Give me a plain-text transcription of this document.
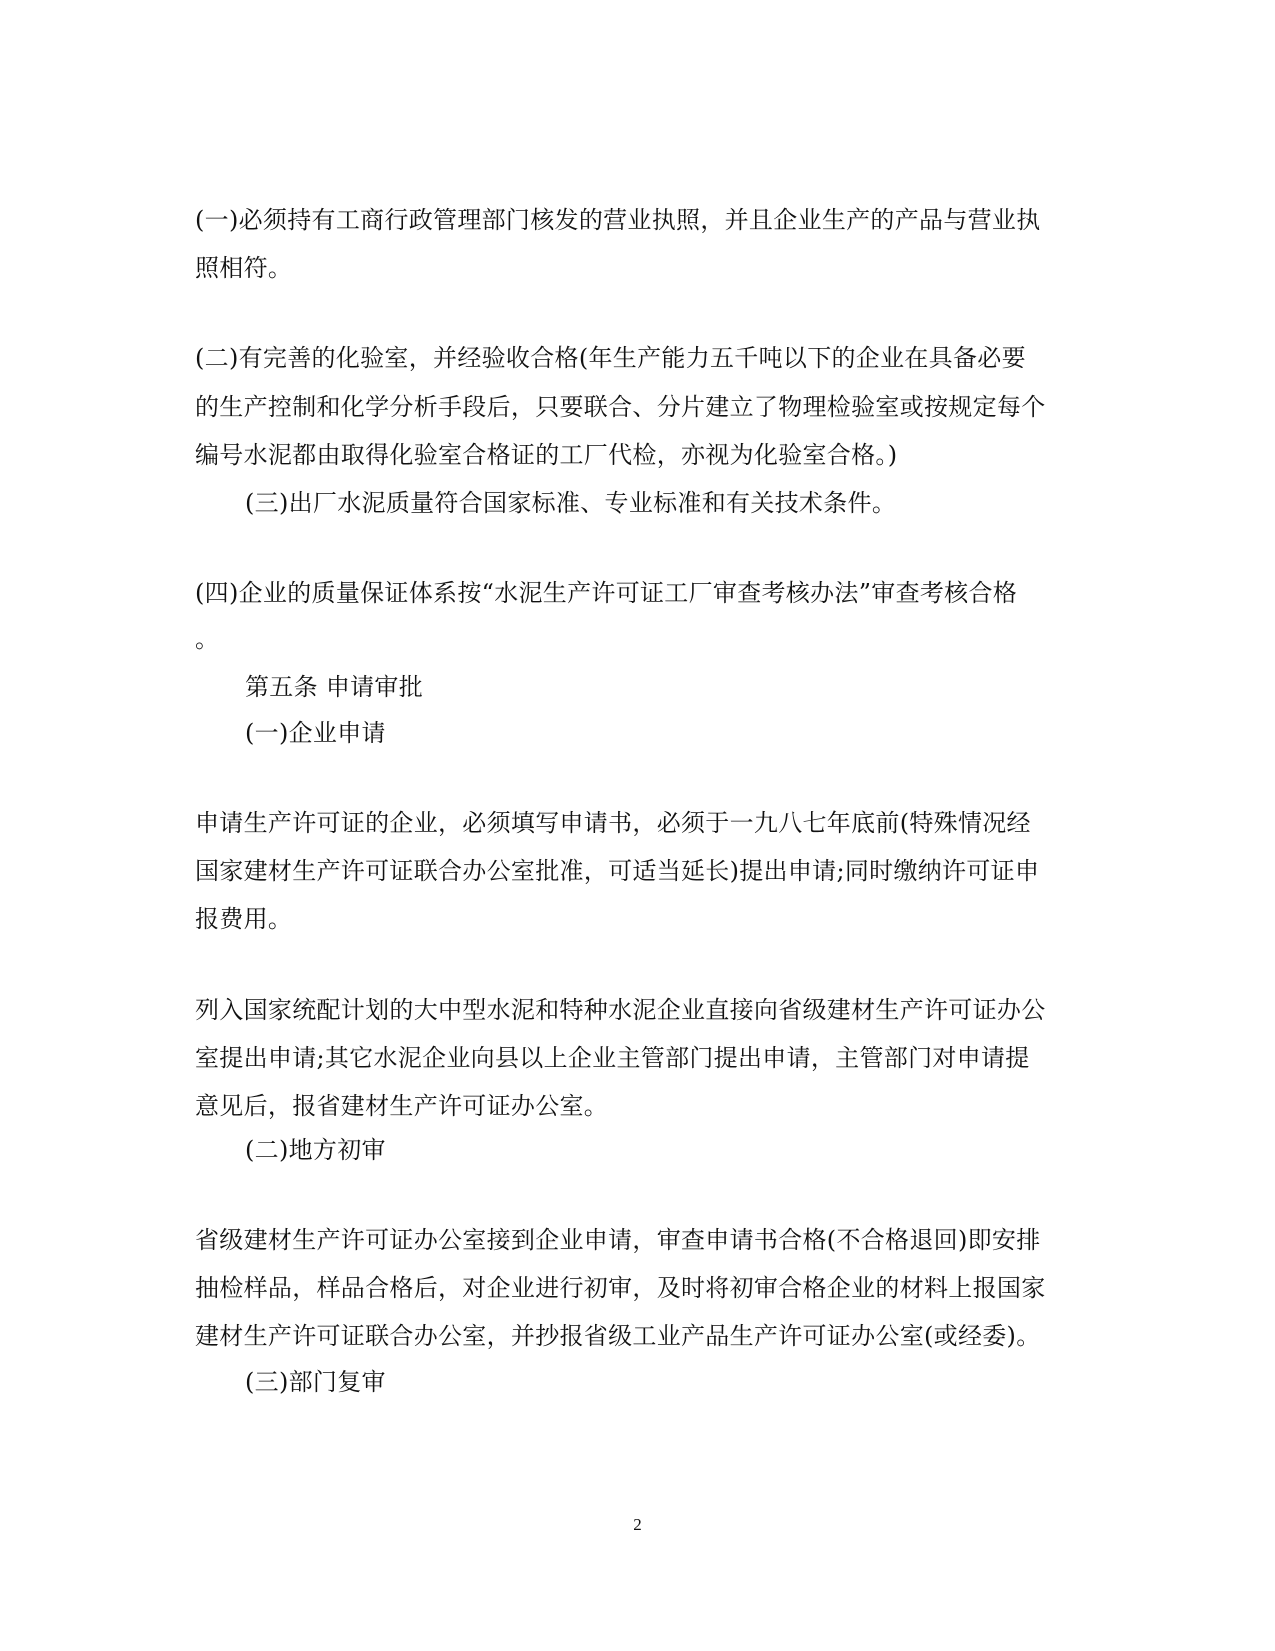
(一)必须持有工商行政管理部门核发的营业执照，并且企业生产的产品与营业执
照相符。
(二)有完善的化验室，并经验收合格(年生产能力五千吨以下的企业在具备必要
的生产控制和化学分析手段后，只要联合、分片建立了物理检验室或按规定每个
编号水泥都由取得化验室合格证的工厂代检，亦视为化验室合格。)
(三)出厂水泥质量符合国家标准、专业标准和有关技术条件。
(四)企业的质量保证体系按“水泥生产许可证工厂审查考核办法”审查考核合格
。
第五条 申请审批
(一)企业申请
申请生产许可证的企业，必须填写申请书，必须于一九八七年底前(特殊情况经
国家建材生产许可证联合办公室批准，可适当延长)提出申请;同时缴纳许可证申
报费用。
列入国家统配计划的大中型水泥和特种水泥企业直接向省级建材生产许可证办公
室提出申请;其它水泥企业向县以上企业主管部门提出申请，主管部门对申请提
意见后，报省建材生产许可证办公室。
(二)地方初审
省级建材生产许可证办公室接到企业申请，审查申请书合格(不合格退回)即安排
抽检样品，样品合格后，对企业进行初审，及时将初审合格企业的材料上报国家
建材生产许可证联合办公室，并抄报省级工业产品生产许可证办公室(或经委)。
(三)部门复审
2
